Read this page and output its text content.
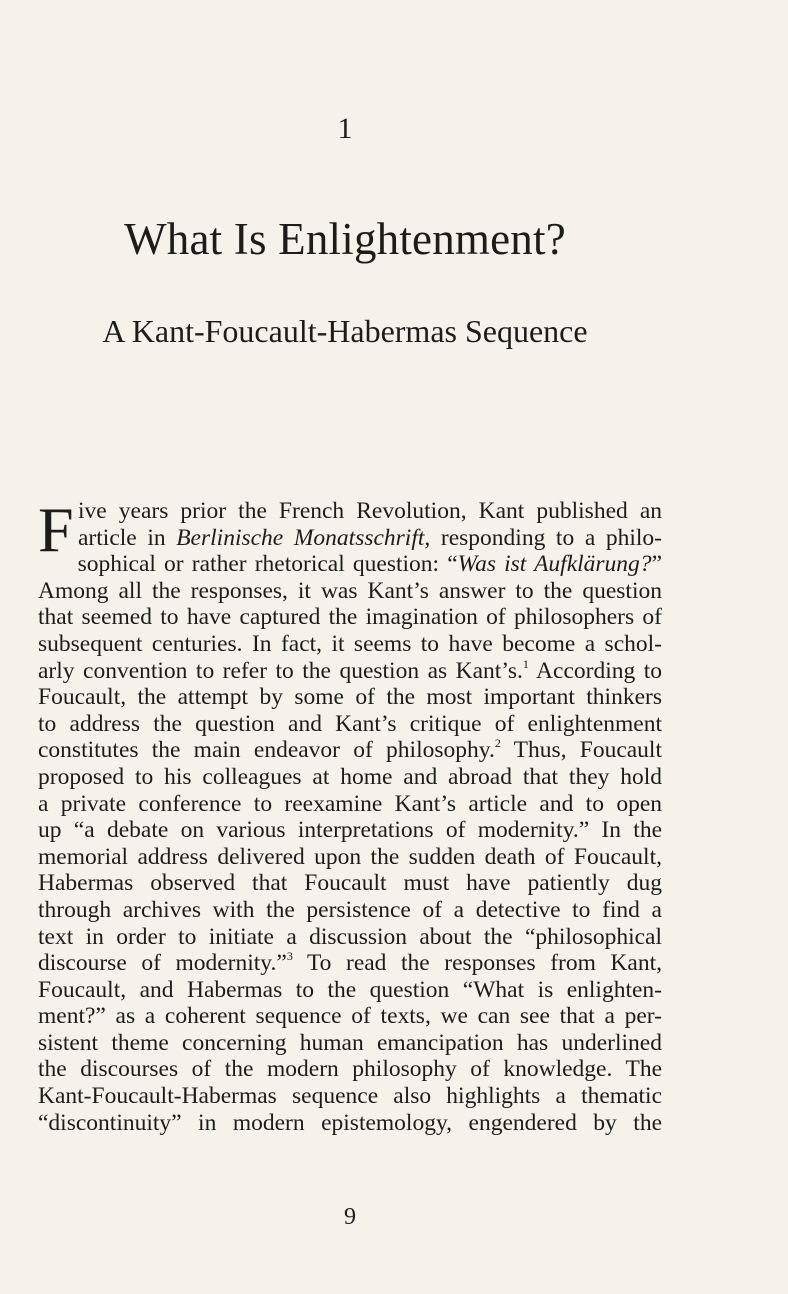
1
What Is Enlightenment?
A Kant-Foucault-Habermas Sequence
F ive years prior the French Revolution, Kant published an
article in Berlinische Monatsschrift, responding to a philo-
sophical or rather rhetorical question: “Was ist Aufklärung?”
Among all the responses, it was Kant’s answer to the question
that seemed to have captured the imagination of philosophers of
subsequent centuries. In fact, it seems to have become a schol-
arly convention to refer to the question as Kant’s.$^1$ According to
Foucault, the attempt by some of the most important thinkers
to address the question and Kant’s critique of enlightenment
constitutes the main endeavor of philosophy.$^2$ Thus, Foucault
proposed to his colleagues at home and abroad that they hold
a private conference to reexamine Kant’s article and to open
up “a debate on various interpretations of modernity.” In the
memorial address delivered upon the sudden death of Foucault,
Habermas observed that Foucault must have patiently dug
through archives with the persistence of a detective to find a
text in order to initiate a discussion about the “philosophical
discourse of modernity.”$^3$ To read the responses from Kant,
Foucault, and Habermas to the question “What is enlighten-
ment?” as a coherent sequence of texts, we can see that a per-
sistent theme concerning human emancipation has underlined
the discourses of the modern philosophy of knowledge. The
Kant-Foucault-Habermas sequence also highlights a thematic
“discontinuity” in modern epistemology, engendered by the
9
